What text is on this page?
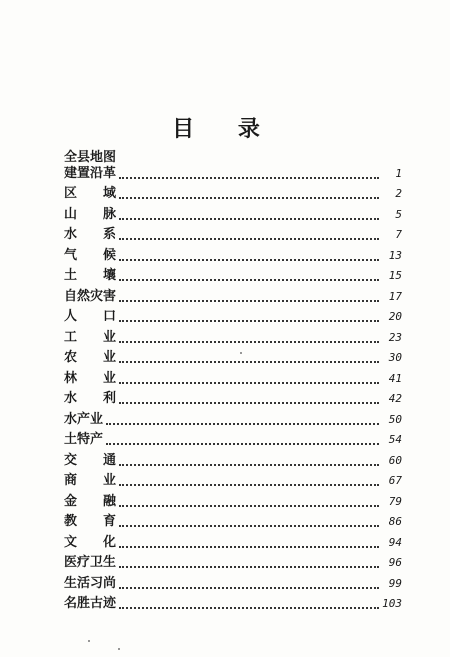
目 录
全县地图
建置沿革	1
区 域	2
山 脉	5
水 系	7
气 候	13
土 壤	15
自然灾害	17
人 口	20
工 业	23
农 业	30
林 业	41
水 利	42
水产业	50
土特产	54
交 通	60
商 业	67
金 融	79
教 育	86
文 化	94
医疗卫生	96
生活习尚	99
名胜古迹	103
